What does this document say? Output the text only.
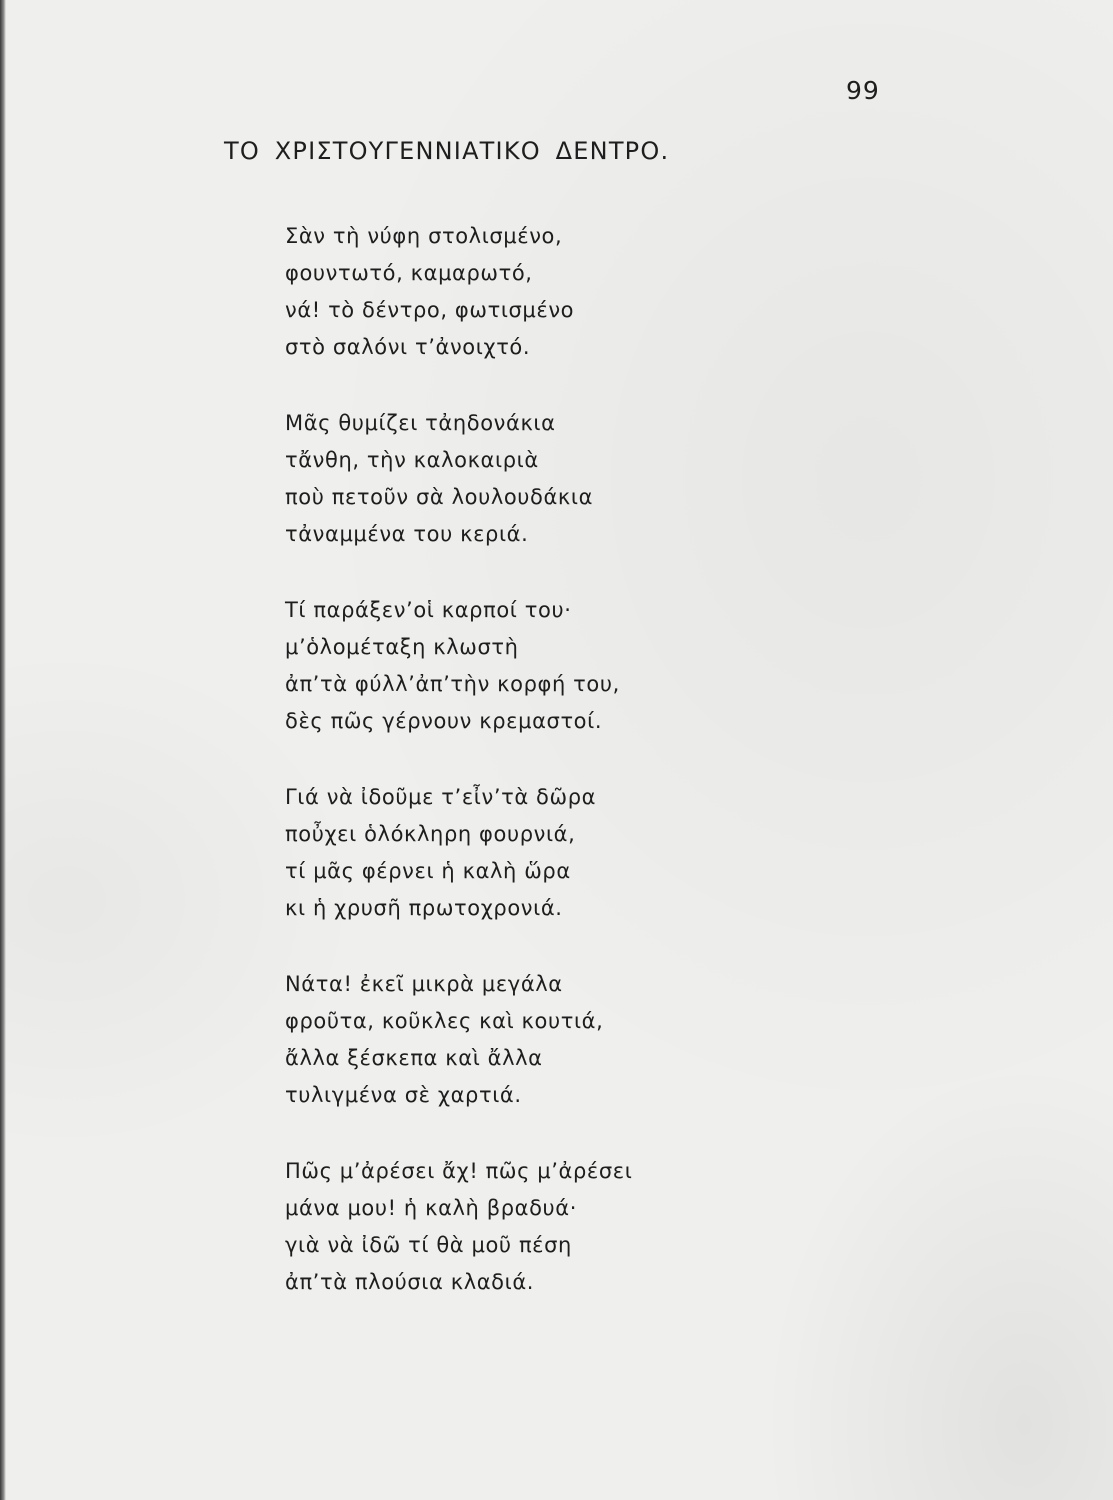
99
ΤΟ ΧΡΙΣΤΟΥΓΕΝΝΙΑΤΙΚΟ ΔΕΝΤΡΟ.
Σὰν τὴ νύφη στολισμένο,
φουντωτό, καμαρωτό,
νά! τὸ δέντρο, φωτισμένο
στὸ σαλόνι τ’ἀνοιχτό.
Μᾶς θυμίζει τἀηδονάκια
τἄνθη, τὴν καλοκαιριὰ
ποὺ πετοῦν σὰ λουλουδάκια
τἀναμμένα του κεριά.
Τί παράξεν’οἱ καρποί του·
μ’ὁλομέταξη κλωστὴ
ἀπ’τὰ φύλλ’ἀπ’τὴν κορφή του,
δὲς πῶς γέρνουν κρεμαστοί.
Γιά νὰ ἰδοῦμε τ’εἶν’τὰ δῶρα
ποὖχει ὁλόκληρη φουρνιά,
τί μᾶς φέρνει ἡ καλὴ ὥρα
κι ἡ χρυσῆ πρωτοχρονιά.
Νάτα! ἐκεῖ μικρὰ μεγάλα
φροῦτα, κοῦκλες καὶ κουτιά,
ἄλλα ξέσκεπα καὶ ἄλλα
τυλιγμένα σὲ χαρτιά.
Πῶς μ’ἀρέσει ἄχ! πῶς μ’ἀρέσει
μάνα μου! ἡ καλὴ βραδυά·
γιὰ νὰ ἰδῶ τί θὰ μοῦ πέση
ἀπ’τὰ πλούσια κλαδιά.
